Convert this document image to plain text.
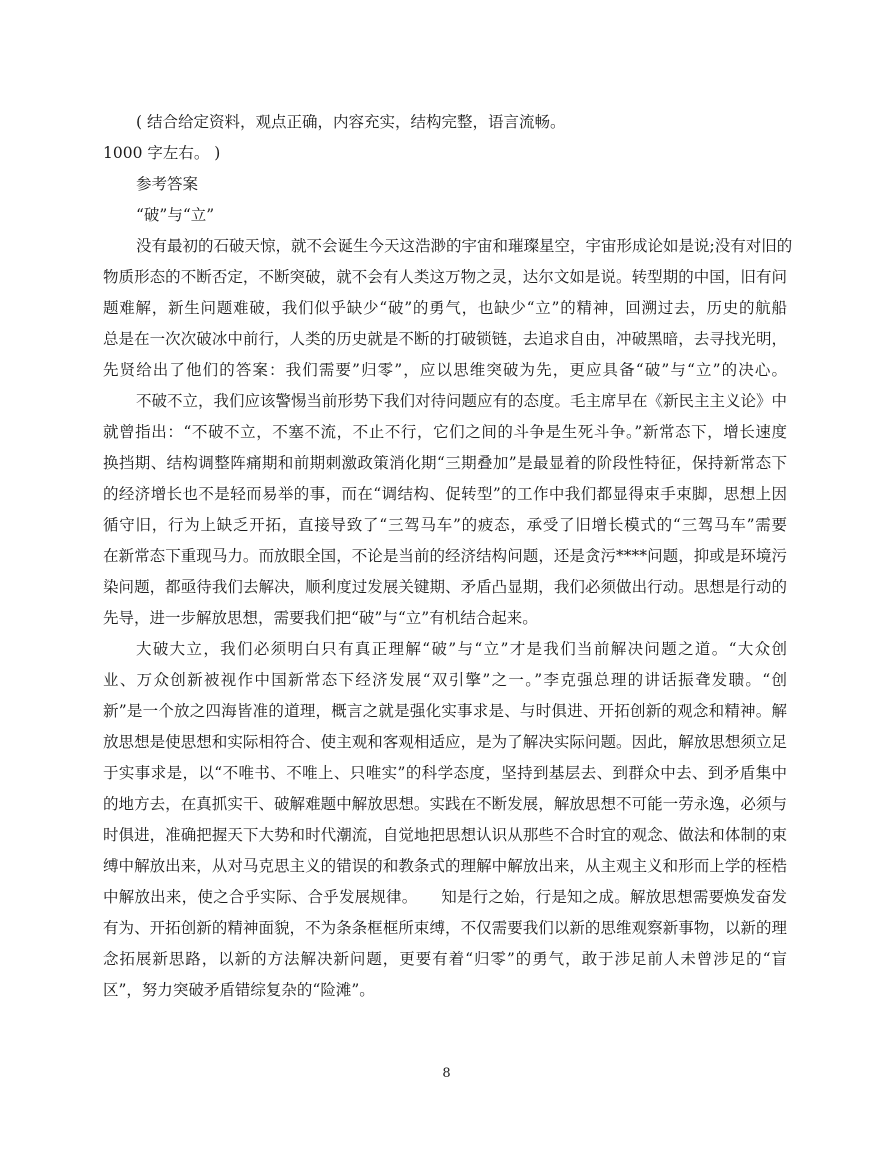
( 结合给定资料，观点正确，内容充实，结构完整，语言流畅。
1000 字左右。 )
参考答案
“破”与“立”
没有最初的石破天惊，就不会诞生今天这浩渺的宇宙和璀璨星空，宇宙形成论如是说;没有对旧的
物质形态的不断否定，不断突破，就不会有人类这万物之灵，达尔文如是说。转型期的中国，旧有问
题难解，新生问题难破，我们似乎缺少“破”的勇气，也缺少“立”的精神，回溯过去，历史的航船
总是在一次次破冰中前行，人类的历史就是不断的打破锁链，去追求自由，冲破黑暗，去寻找光明，
先贤给出了他们的答案：我们需要”归零”，应以思维突破为先，更应具备“破”与“立”的决心。
不破不立，我们应该警惕当前形势下我们对待问题应有的态度。毛主席早在《新民主主义论》中
就曾指出：“不破不立，不塞不流，不止不行，它们之间的斗争是生死斗争。”新常态下，增长速度
换挡期、结构调整阵痛期和前期刺激政策消化期“三期叠加”是最显着的阶段性特征，保持新常态下
的经济增长也不是轻而易举的事，而在“调结构、促转型”的工作中我们都显得束手束脚，思想上因
循守旧，行为上缺乏开拓，直接导致了“三驾马车”的疲态，承受了旧增长模式的“三驾马车”需要
在新常态下重现马力。而放眼全国，不论是当前的经济结构问题，还是贪污****问题，抑或是环境污
染问题，都亟待我们去解决，顺利度过发展关键期、矛盾凸显期，我们必须做出行动。思想是行动的
先导，进一步解放思想，需要我们把“破”与“立”有机结合起来。
大破大立，我们必须明白只有真正理解“破”与“立”才是我们当前解决问题之道。“大众创
业、万众创新被视作中国新常态下经济发展“双引擎”之一。”李克强总理的讲话振聋发聩。“创
新”是一个放之四海皆准的道理，概言之就是强化实事求是、与时俱进、开拓创新的观念和精神。解
放思想是使思想和实际相符合、使主观和客观相适应，是为了解决实际问题。因此，解放思想须立足
于实事求是，以“不唯书、不唯上、只唯实”的科学态度，坚持到基层去、到群众中去、到矛盾集中
的地方去，在真抓实干、破解难题中解放思想。实践在不断发展，解放思想不可能一劳永逸，必须与
时俱进，准确把握天下大势和时代潮流，自觉地把思想认识从那些不合时宜的观念、做法和体制的束
缚中解放出来，从对马克思主义的错误的和教条式的理解中解放出来，从主观主义和形而上学的桎梏
中解放出来，使之合乎实际、合乎发展规律。　　知是行之始，行是知之成。解放思想需要焕发奋发
有为、开拓创新的精神面貌，不为条条框框所束缚，不仅需要我们以新的思维观察新事物，以新的理
念拓展新思路，以新的方法解决新问题，更要有着“归零”的勇气，敢于涉足前人未曾涉足的“盲
区”，努力突破矛盾错综复杂的“险滩”。
8
